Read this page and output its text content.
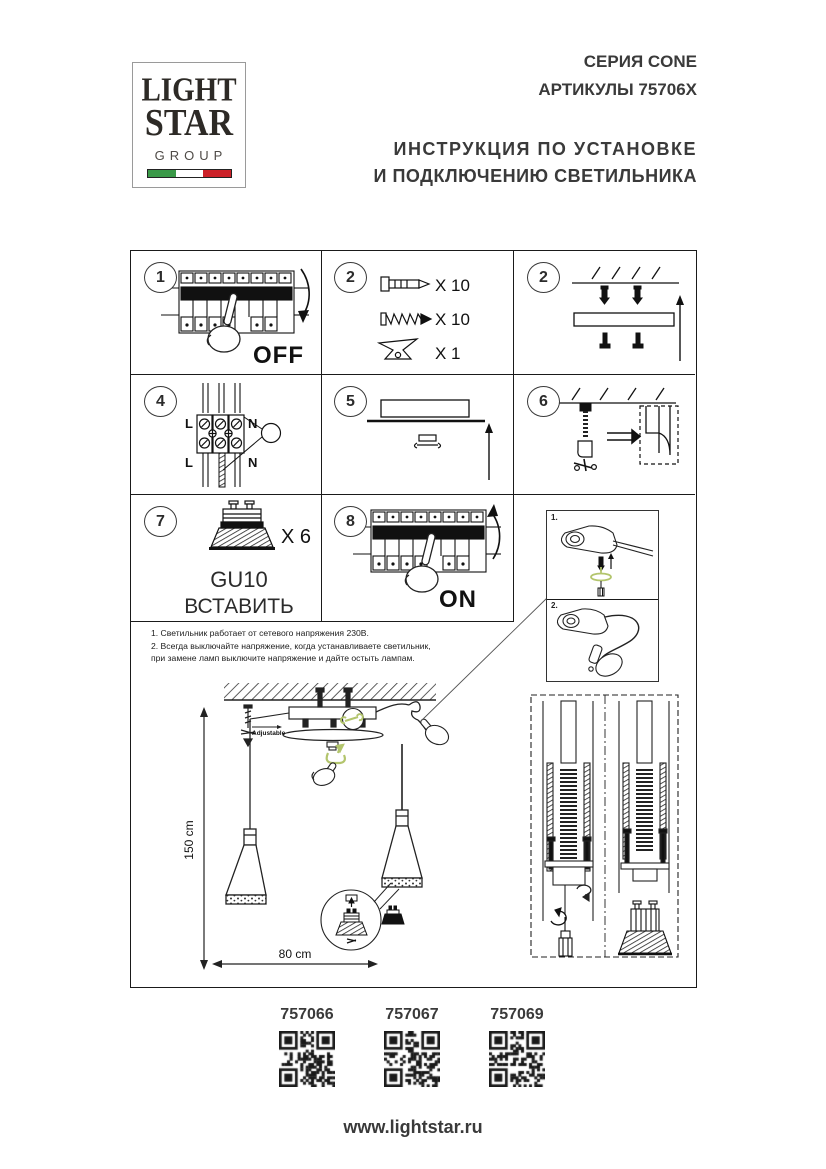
LIGHT
STAR
GROUP
СЕРИЯ CONE
АРТИКУЛЫ 75706X
ИНСТРУКЦИЯ ПО УСТАНОВКЕ
И ПОДКЛЮЧЕНИЮ СВЕТИЛЬНИКА
1
OFF
2	X 10
X 10
X 1
2
4
L	N
L	N
5	6
7
X 6
GU10
ВСТАВИТЬ
8
ON
1. Светильник работает от сетевого напряжения 230В.
2. Всегда выключайте напряжение, когда устанавливаете светильник,
при замене ламп выключите напряжение и дайте остыть лампам.
Adjustable
150 cm
80 cm
1.
2.
757066	757067	757069
www.lightstar.ru
